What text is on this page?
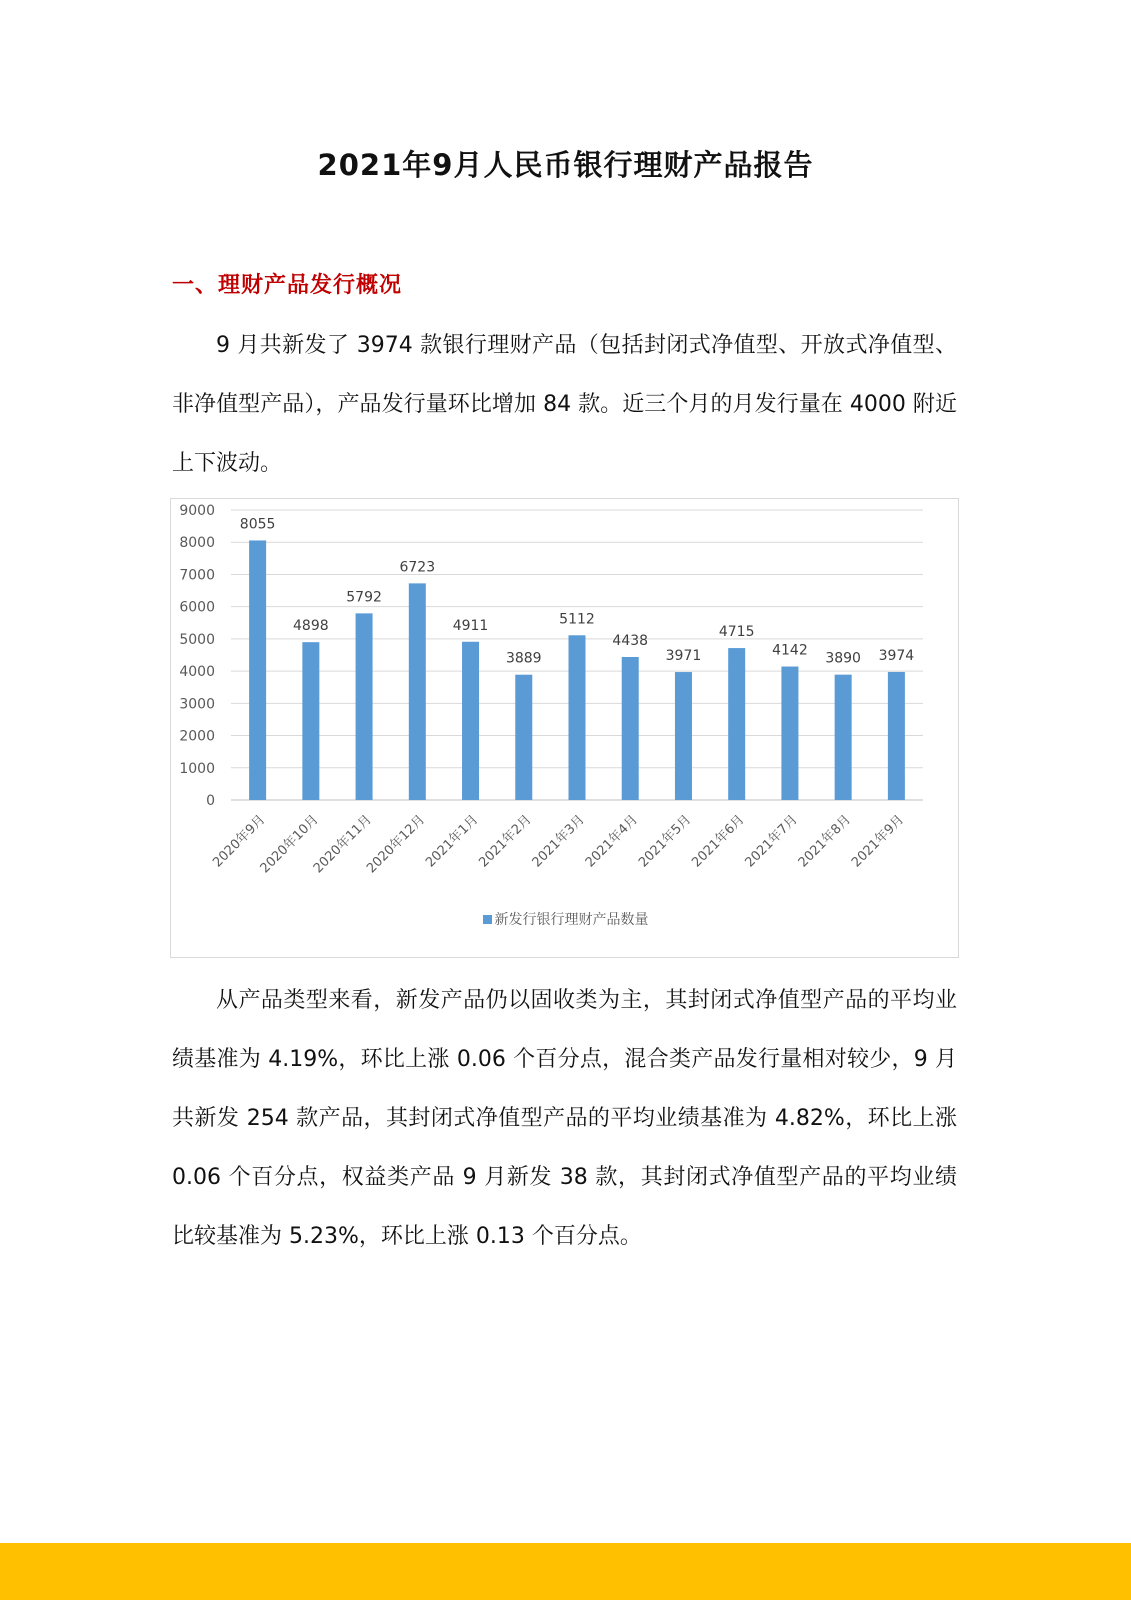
2021年9月人民币银行理财产品报告
一、理财产品发行概况

9 月共新发了 3974 款银行理财产品（包括封闭式净值型、开放式净值型、非净值型产品），产品发行量环比增加 84 款。近三个月的月发行量在 4000 附近上下波动。

0
1000
2000
3000
4000
5000
6000
7000
8000
9000
8055
2020年9月
4898
2020年10月
5792
2020年11月
6723
2020年12月
4911
2021年1月
3889
2021年2月
5112
2021年3月
4438
2021年4月
3971
2021年5月
4715
2021年6月
4142
2021年7月
3890
2021年8月
3974
2021年9月
新发行银行理财产品数量

从产品类型来看，新发产品仍以固收类为主，其封闭式净值型产品的平均业绩基准为 4.19%，环比上涨 0.06 个百分点，混合类产品发行量相对较少，9 月共新发 254 款产品，其封闭式净值型产品的平均业绩基准为 4.82%，环比上涨 0.06 个百分点，权益类产品 9 月新发 38 款，其封闭式净值型产品的平均业绩比较基准为 5.23%，环比上涨 0.13 个百分点。
